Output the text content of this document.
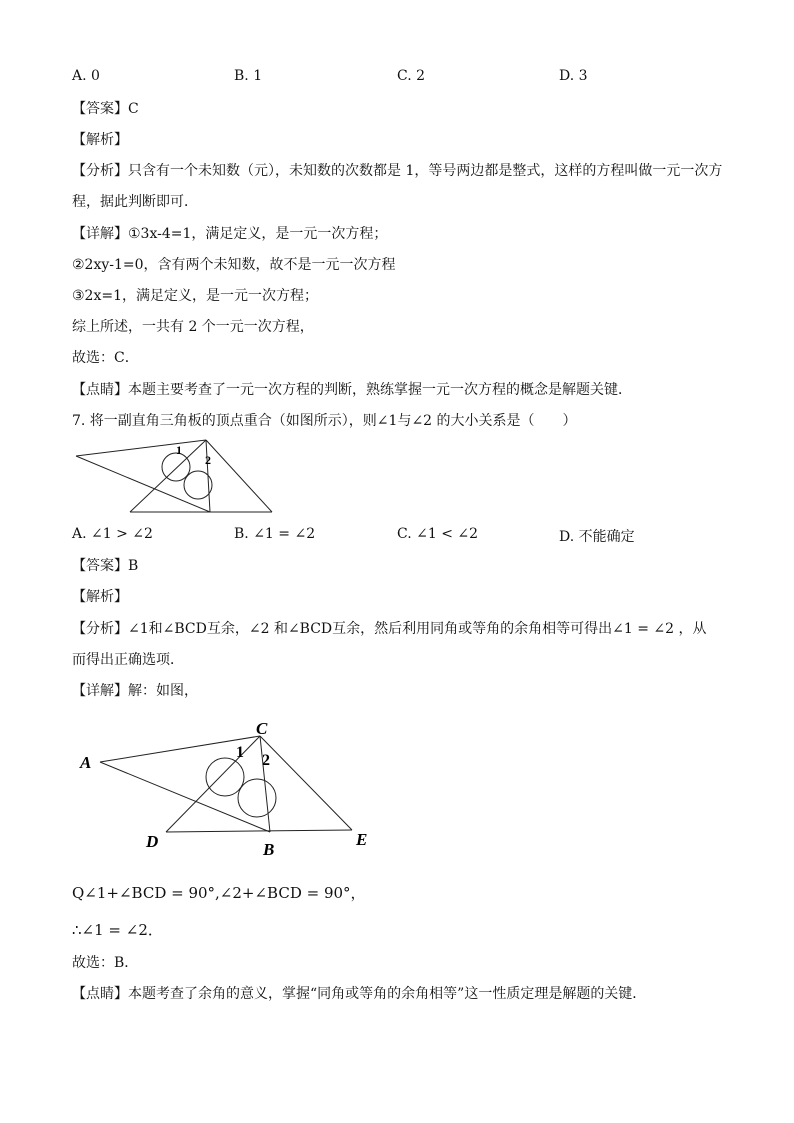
A. 0	B. 1	C. 2	D. 3
【答案】C
【解析】
【分析】只含有一个未知数（元），未知数的次数都是 1，等号两边都是整式，这样的方程叫做一元一次方
程，据此判断即可．
【详解】①3x-4=1，满足定义，是一元一次方程；
②2xy-1=0，含有两个未知数，故不是一元一次方程
③2x=1，满足定义，是一元一次方程；
综上所述，一共有 2 个一元一次方程，
故选：C．
【点睛】本题主要考查了一元一次方程的判断，熟练掌握一元一次方程的概念是解题关键．
7. 将一副直角三角板的顶点重合（如图所示），则∠1与∠2 的大小关系是（　　）
1
2
A. ∠1 > ∠2	B. ∠1 = ∠2	C. ∠1 < ∠2	D. 不能确定
【答案】B
【解析】
【分析】∠1和∠BCD互余，∠2 和∠BCD互余，然后利用同角或等角的余角相等可得出∠1 = ∠2 ，从
而得出正确选项．
【详解】解：如图，
A
C
D	B
E
1 2
Q∠1+∠BCD = 90°,∠2+∠BCD = 90°，
∴∠1 = ∠2．
故选：B．
【点睛】本题考查了余角的意义，掌握“同角或等角的余角相等”这一性质定理是解题的关键．
